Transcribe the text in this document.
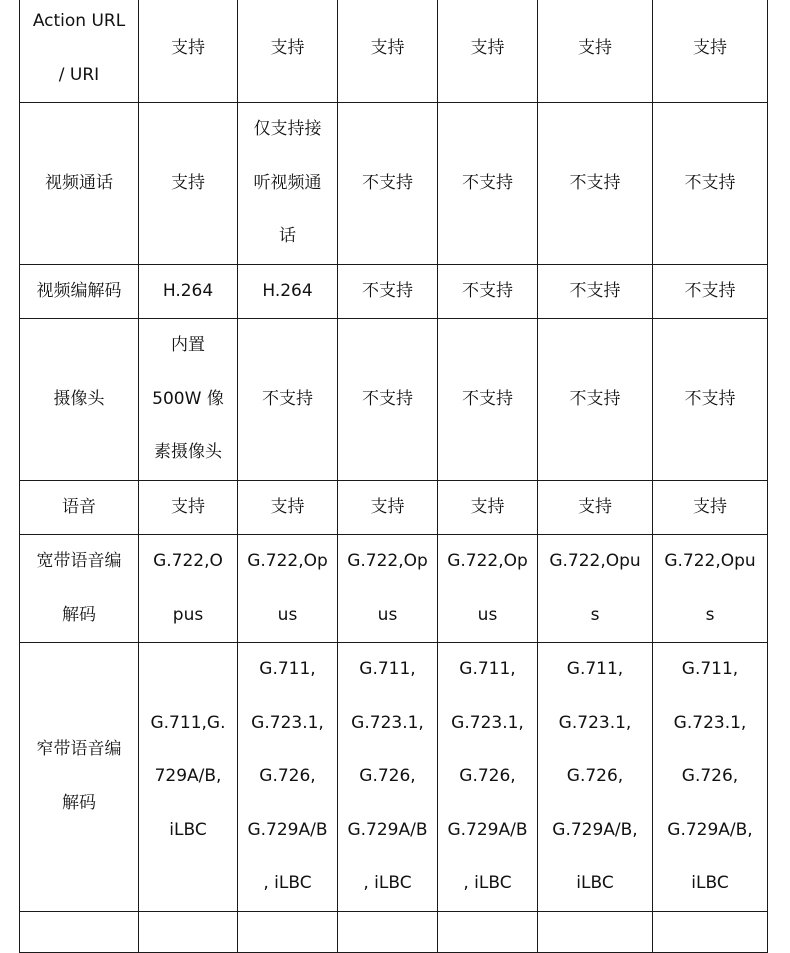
Action URL
/ URI	支持	支持	支持	支持	支持	支持

视频通话	支持	仅支持接
听视频通
话	不支持	不支持	不支持	不支持

视频编解码	H.264	H.264	不支持	不支持	不支持	不支持

摄像头	内置
500W 像
素摄像头	不支持	不支持	不支持	不支持	不支持

语音	支持	支持	支持	支持	支持	支持

宽带语音编
解码	G.722,O
pus	G.722,Op
us	G.722,Op
us	G.722,Op
us	G.722,Opu
s	G.722,Opu
s

窄带语音编
解码	G.711,G.
729A/B,
iLBC	G.711,
G.723.1,
G.726,
G.729A/B
, iLBC	G.711,
G.723.1,
G.726,
G.729A/B
, iLBC	G.711,
G.723.1,
G.726,
G.729A/B
, iLBC	G.711,
G.723.1,
G.726,
G.729A/B,
iLBC	G.711,
G.723.1,
G.726,
G.729A/B,
iLBC
